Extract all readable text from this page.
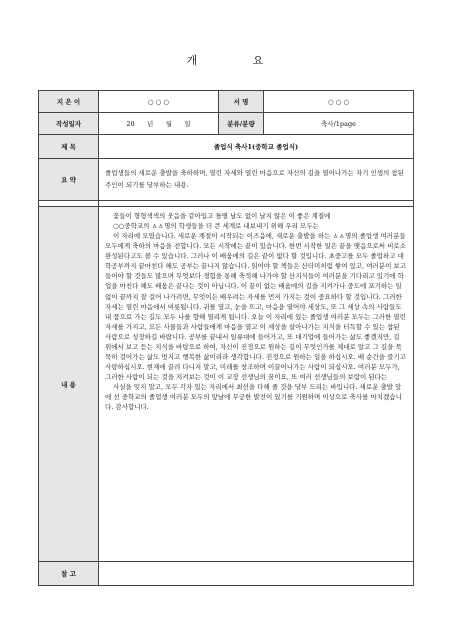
개 요
지 은 이	○ ○ ○	서 명	○ ○ ○
작성일자	20 년 월 일	분류/분량	축사/1page
제 목	졸업식 축사1(중학교 졸업식)		
요 약	졸업생들의 새로운 출발을 축하하며, 열린 자세와 열린 마음으로 자신의 길을 열어나가는 자기 인생의 참된 주인이 되기를 당부하는 내용.		

내 용	꽃들이 형형색색의 웃음을 같아입고 틀별 날도 없이 날지 않은 이 좋은 계절에

○○중학교의 ㅿㅿ명의 학생들을 더 큰 세계로 내보내기 위해 우리 모두는

이 자리에 모였습니다. 새로운 계절이 시작되는 이즈음에, 새로운 출발을 하는 ㅿㅿ명의 졸업생 여러분들 모두에게 축하의 마음을 전합니다. 모든 시작에는 끝이 있습니다. 한번 시작한 일은 끝을 맺음으로써 비로소 완성된다고도 볼 수 있습니다. 그러나 이 배움에의 길은 끝이 없다 할 것입니다. 초중고를 모두 졸업하고 대학공부까지 끝마친다 해도 공부는 끝나지 않습니다. 읽어야 할 책들은 산더미처럼 쌓여 있고, 여러분이 보고 들어야 할 것들도 많으며 무엇보다 경험을 통해 축적해 나가야 할 산지식들이 여러분을 기다리고 있기에 학업을 마친다 해도 배움은 끝나는 것이 아닙니다. 이 끝이 없는 배움에의 길을 지켜가나 중도에 포기하는 일 없이 끝까지 잘 걸어 나가려면, 무엇이든 배우려는 자세를 먼저 가지는 것이 중요하다 할 것입니다. 그러한 자세는 열린 마음에서 비롯됩니다. 귀를 열고, 눈을 뜨고, 마음을 열어야 세상도, 또 그 세상 속의 사람들도 내 품으로 가는 길도 모두 나를 향해 열리게 됩니다. 오늘 이 자리에 있는 졸업생 여러분 모두는 그러한 열린 자세를 가지고, 모든 사물들과 사람들에게 마음을 열고 이 세상을 살아나가는 지식을 터득할 수 있는 참된 사람으로 성장하길 바랍니다. 공부를 끝내서 일류대에 들어가고, 또 대기업에 들어가는 삶도 좋겠지만, 길 위에서 보고 듣는 지식을 바탕으로 하여, 자신이 진정으로 원하는 길이 무엇인가를 제대로 알고 그 길을 묵묵히 걸어가는 삶도 멋지고 행복한 삶이리라 생각합니다. 진정으로 원하는 일을 하십시오. 배 순간을 즐기고 사랑하십시오. 현재에 끌려 다니지 말고, 미래를 창조하며 이끌어나가는 사람이 되십시오. 여러분 모두가, 그러한 사람이 되는 것을 지켜보는 것이 이 교장 선생님의 꿈이요, 또 여러 선생님들의 보람이 된다는

사실을 잊지 말고, 모두 각자 있는 자리에서 최선을 다해 줄 것을 당부 드리는 바입니다. 새로운 출발 앞에 선 중학교의 졸업생 여러분 모두의 앞날에 무궁한 발전이 있기를 기원하며 이상으로 축사를 마치겠습니다. 감사합니다.		

참 고			
